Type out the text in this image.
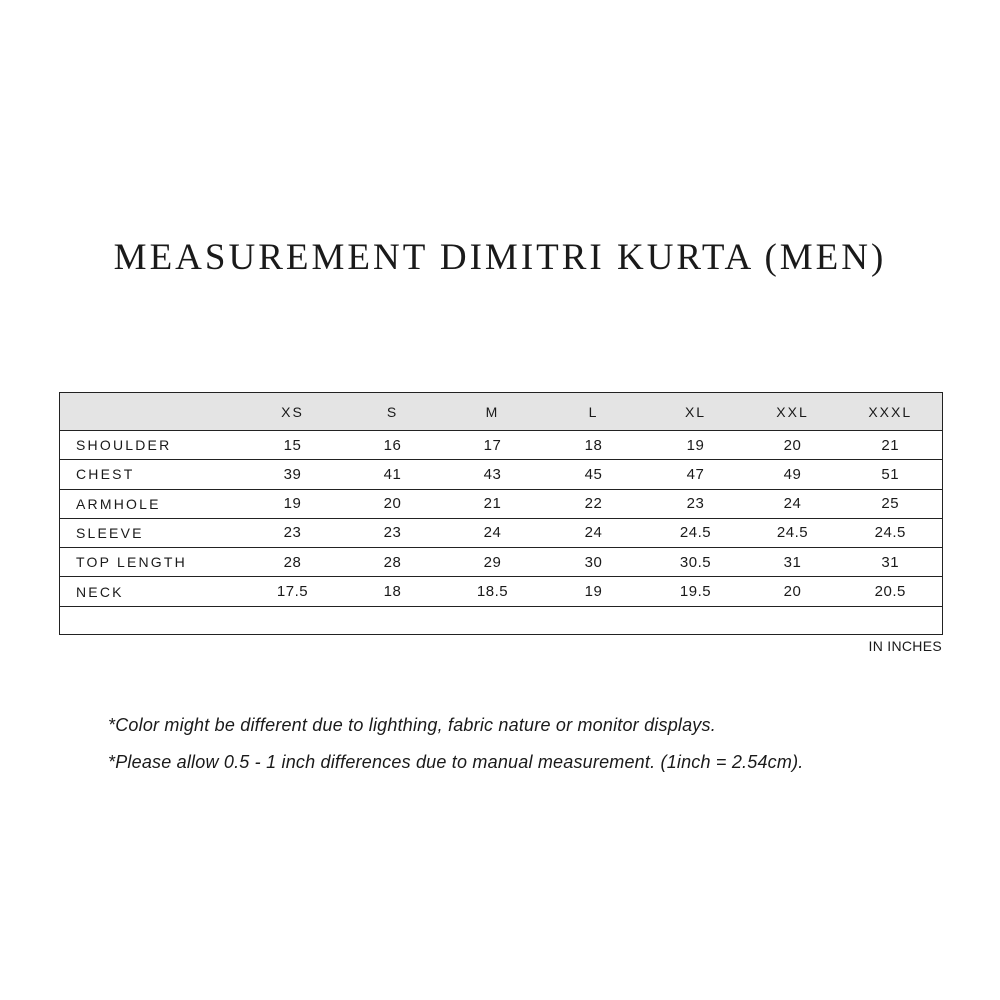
MEASUREMENT DIMITRI KURTA (MEN)
	XS	S	M	L	XL	XXL	XXXL
SHOULDER	15	16	17	18	19	20	21
CHEST	39	41	43	45	47	49	51
ARMHOLE	19	20	21	22	23	24	25
SLEEVE	23	23	24	24	24.5	24.5	24.5
TOP LENGTH	28	28	29	30	30.5	31	31
NECK	17.5	18	18.5	19	19.5	20	20.5

IN INCHES
*Color might be different due to lighthing, fabric nature or monitor displays.
*Please allow 0.5 - 1 inch differences due to manual measurement. (1inch = 2.54cm).
